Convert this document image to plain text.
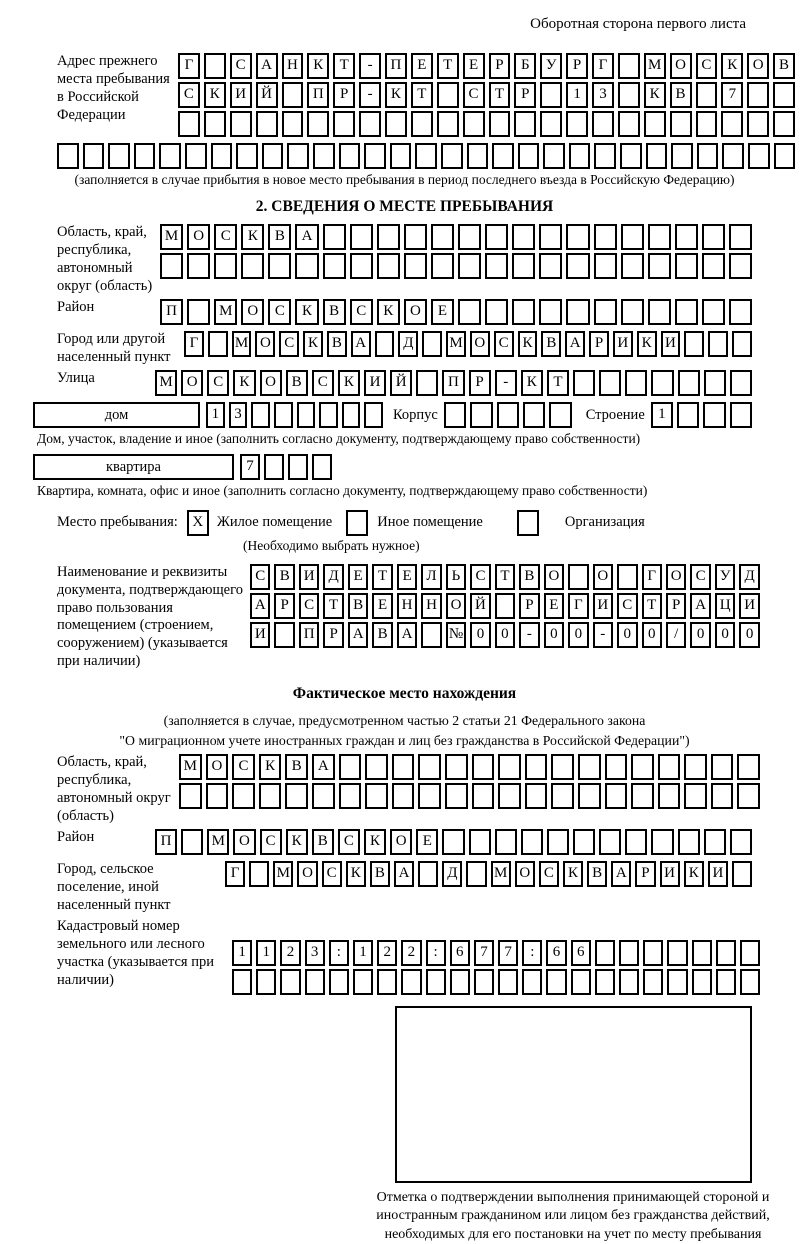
Оборотная сторона первого листа
Адрес прежнего места пребывания в Российской Федерации
Г	С	А	Н	К	Т	-	П	Е	Т	Е	Р	Б	У	Р	Г	М О	С	К	О	В
С	К	И	Й	П	Р	-	К	Т	С	Т	Р	1	3	К	В	7
(заполняется в случае прибытия в новое место пребывания в период последнего въезда в Российскую Федерацию)
2. СВЕДЕНИЯ О МЕСТЕ ПРЕБЫВАНИЯ
Область, край, республика, автономный округ (область)
М	О	С	К	В	А
Район	П	М	О	С	К	В	С	К	О	Е
Город или другой населенный пункт
Г	М О С К В А	Д	М О С К В А Р И К И
Улица	М О	С	К	О	В	С	К	И	Й	П	Р	-	К	Т
дом	1	3	Корпус	Строение 1
Дом, участок, владение и иное (заполнить согласно документу, подтверждающему право собственности)
квартира	7
Квартира, комната, офис и иное (заполнить согласно документу, подтверждающему право собственности)
Место пребывания: X Жилое помещение	Иное помещение	Организация
(Необходимо выбрать нужное)
Наименование и реквизиты документа, подтверждающего право пользования помещением (строением, сооружением) (указывается при наличии)
С В И Д Е	Т	Е Л	Ь	С Т В О	О	Г О С У Д
А Р	С Т В Е Н Н О Й	Р	Е	Г И С Т	Р А Ц И
И	П Р А В А	№ 0	0	-	0	0	-	0	0	/	0	0	0
Фактическое место нахождения
(заполняется в случае, предусмотренном частью 2 статьи 21 Федерального закона
"О миграционном учете иностранных граждан и лиц без гражданства в Российской Федерации")
Область, край, республика, автономный округ (область)
М О	С	К	В	А
Район	П	М О	С	К	В	С	К	О	Е
Город, сельское поселение, иной населенный пункт
Г	М О С К В А	Д	М О С К В А Р И К И
Кадастровый номер земельного или лесного участка (указывается при наличии)
1	1	2	3	:	1	2	2	:	6	7	7	:	6	6
Отметка о подтверждении выполнения принимающей стороной и иностранным гражданином или лицом без гражданства действий, необходимых для его постановки на учет по месту пребывания
